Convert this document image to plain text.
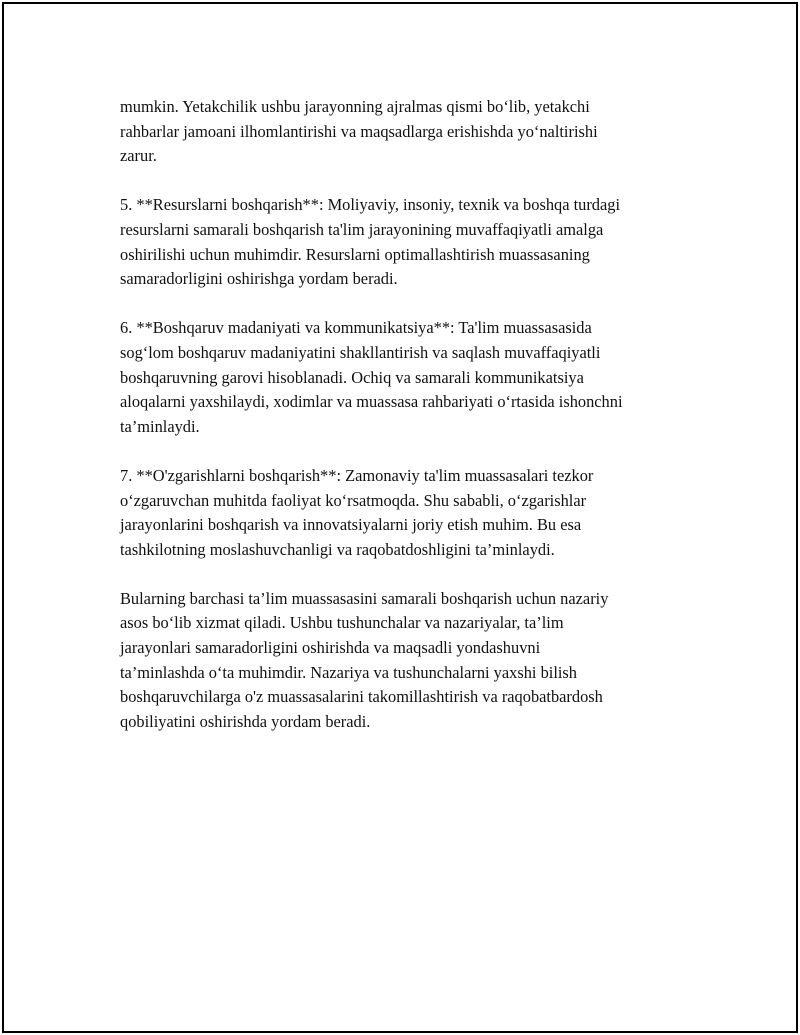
mumkin. Yetakchilik ushbu jarayonning ajralmas qismi bo‘lib, yetakchi
rahbarlar jamoani ilhomlantirishi va maqsadlarga erishishda yo‘naltirishi
zarur.

5. **Resurslarni boshqarish**: Moliyaviy, insoniy, texnik va boshqa turdagi
resurslarni samarali boshqarish ta'lim jarayonining muvaffaqiyatli amalga
oshirilishi uchun muhimdir. Resurslarni optimallashtirish muassasaning
samaradorligini oshirishga yordam beradi.

6. **Boshqaruv madaniyati va kommunikatsiya**: Ta'lim muassasasida
sog‘lom boshqaruv madaniyatini shakllantirish va saqlash muvaffaqiyatli
boshqaruvning garovi hisoblanadi. Ochiq va samarali kommunikatsiya
aloqalarni yaxshilaydi, xodimlar va muassasa rahbariyati o‘rtasida ishonchni
ta’minlaydi.

7. **O'zgarishlarni boshqarish**: Zamonaviy ta'lim muassasalari tezkor
o‘zgaruvchan muhitda faoliyat ko‘rsatmoqda. Shu sababli, o‘zgarishlar
jarayonlarini boshqarish va innovatsiyalarni joriy etish muhim. Bu esa
tashkilotning moslashuvchanligi va raqobatdoshligini ta’minlaydi.

Bularning barchasi ta’lim muassasasini samarali boshqarish uchun nazariy
asos bo‘lib xizmat qiladi. Ushbu tushunchalar va nazariyalar, ta’lim
jarayonlari samaradorligini oshirishda va maqsadli yondashuvni
ta’minlashda o‘ta muhimdir. Nazariya va tushunchalarni yaxshi bilish
boshqaruvchilarga o'z muassasalarini takomillashtirish va raqobatbardosh
qobiliyatini oshirishda yordam beradi.
